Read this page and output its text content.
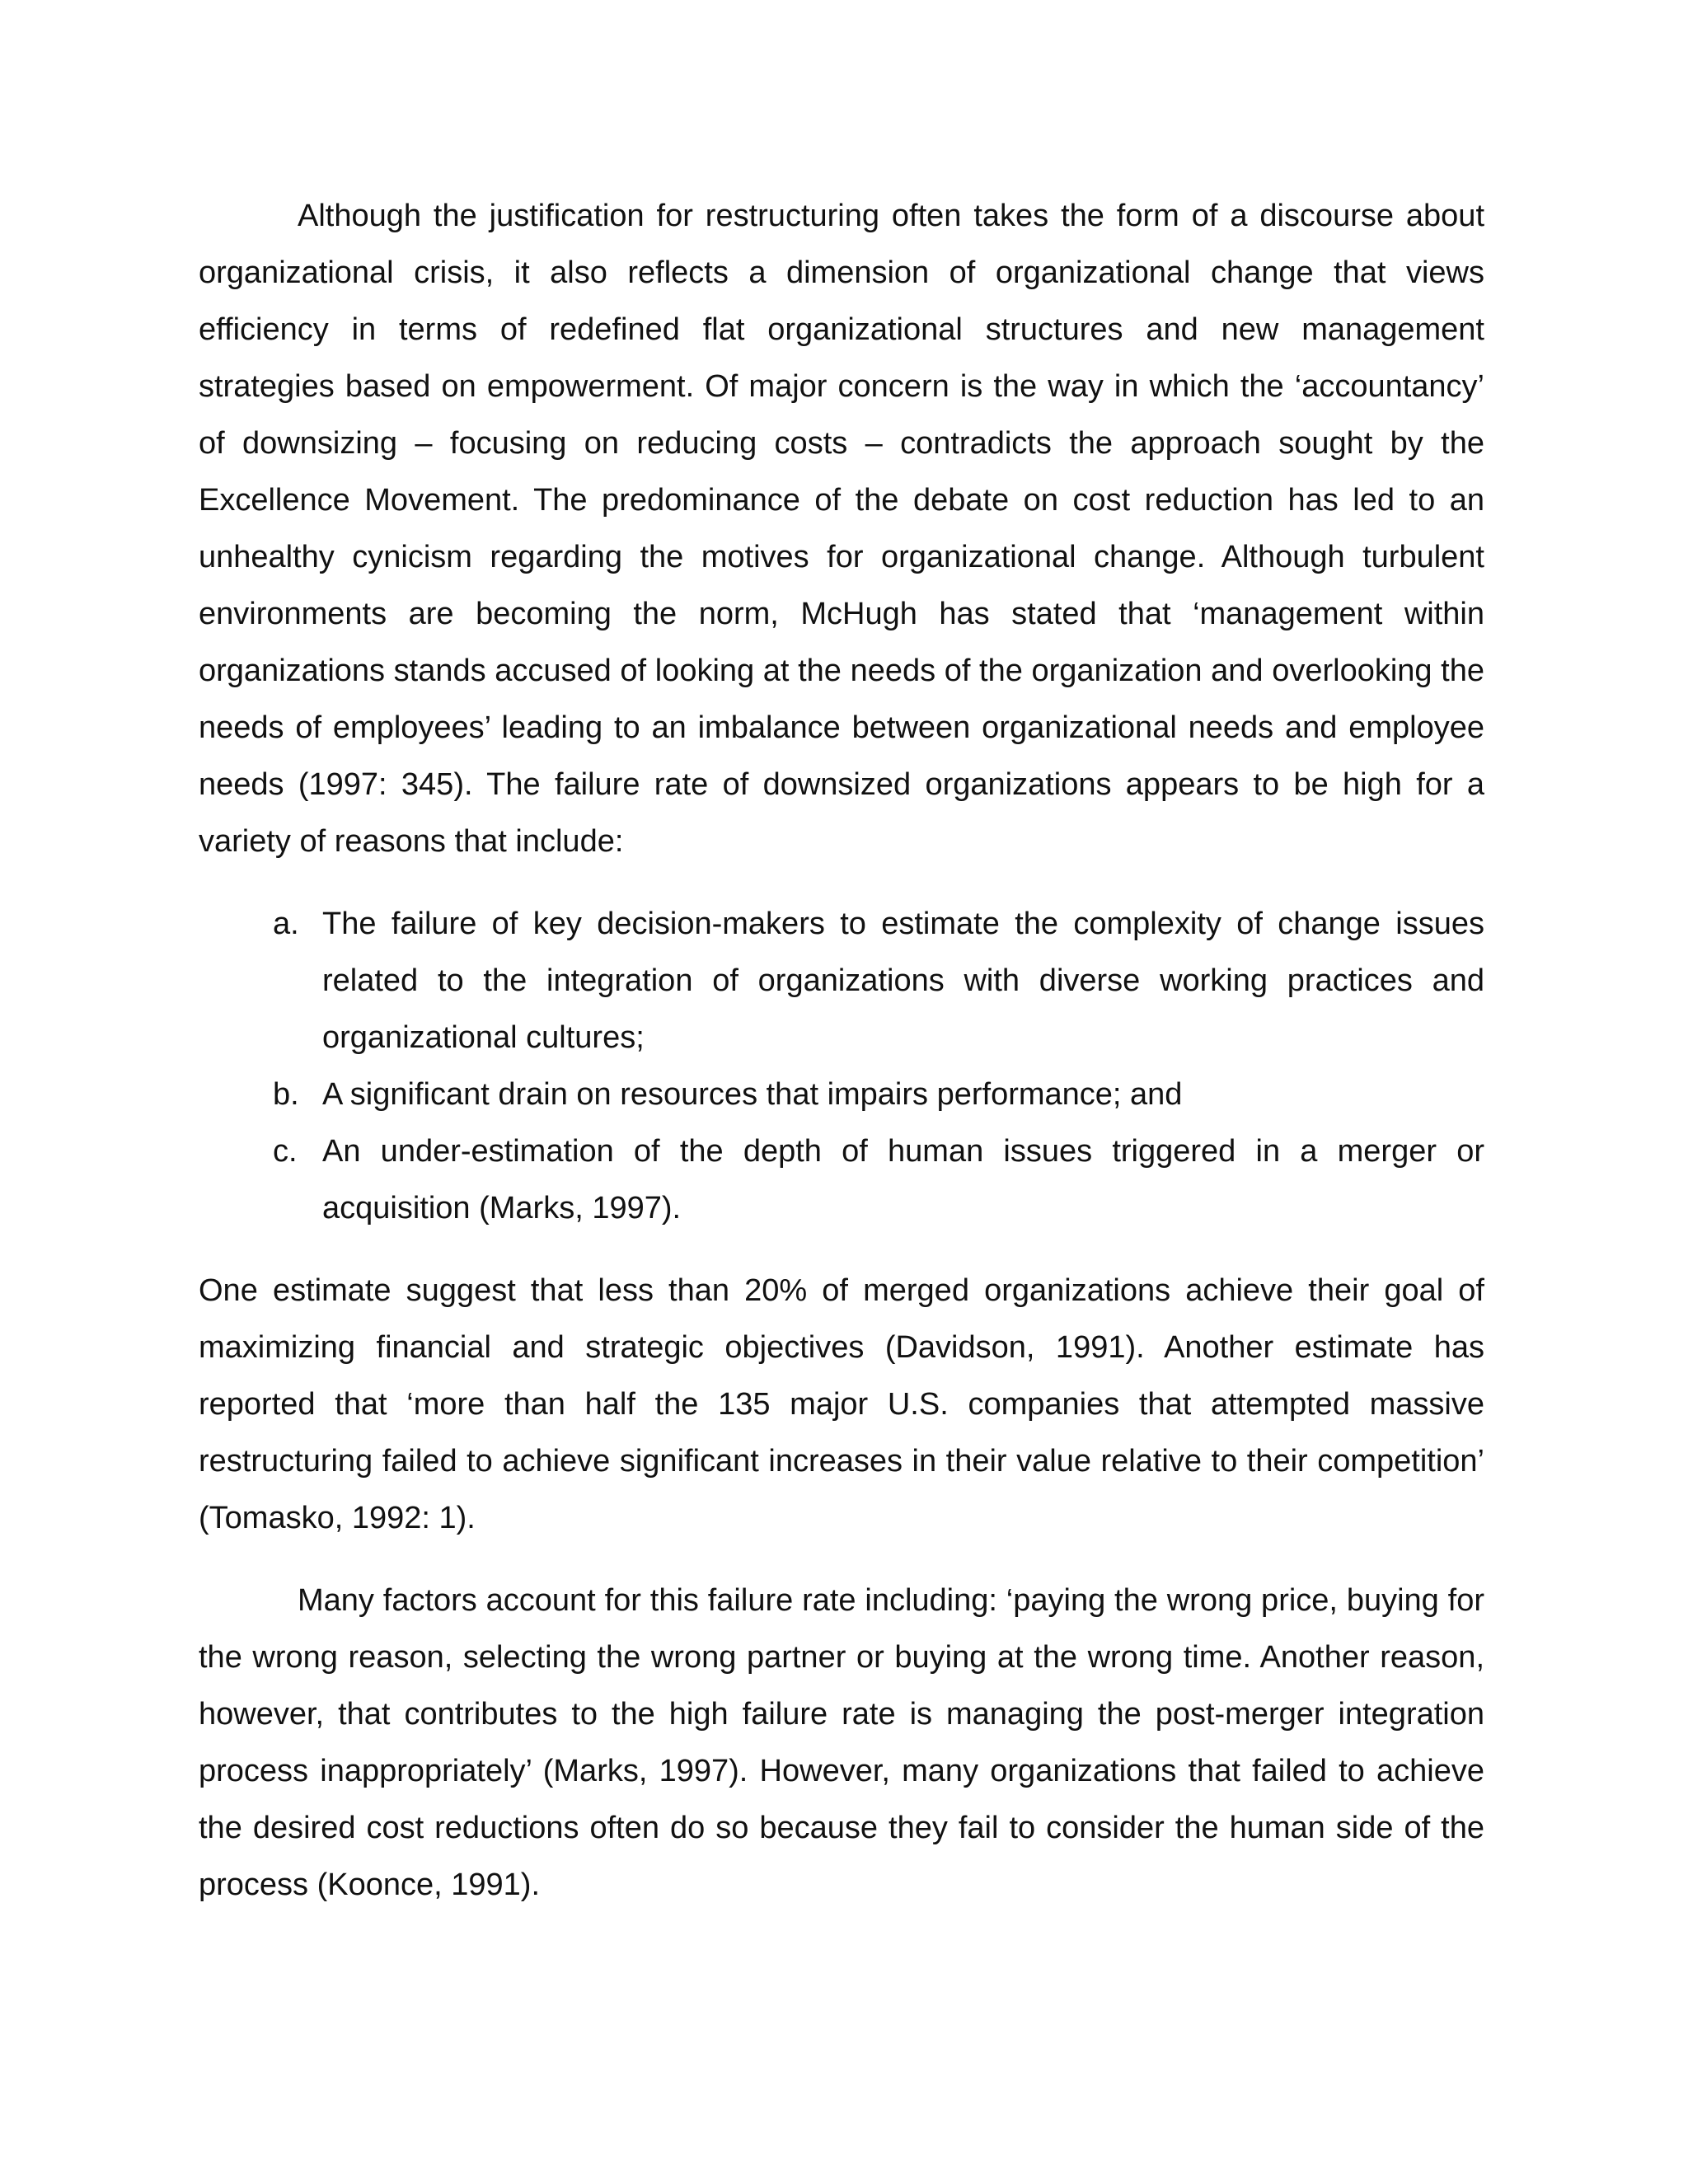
Although the justification for restructuring often takes the form of a discourse about organizational crisis, it also reflects a dimension of organizational change that views efficiency in terms of redefined flat organizational structures and new management strategies based on empowerment. Of major concern is the way in which the ‘accountancy’ of downsizing – focusing on reducing costs – contradicts the approach sought by the Excellence Movement. The predominance of the debate on cost reduction has led to an unhealthy cynicism regarding the motives for organizational change. Although turbulent environments are becoming the norm, McHugh has stated that ‘management within organizations stands accused of looking at the needs of the organization and overlooking the needs of employees’ leading to an imbalance between organizational needs and employee needs (1997: 345). The failure rate of downsized organizations appears to be high for a variety of reasons that include:

a. The failure of key decision-makers to estimate the complexity of change issues related to the integration of organizations with diverse working practices and organizational cultures;
b. A significant drain on resources that impairs performance; and
c. An under-estimation of the depth of human issues triggered in a merger or acquisition (Marks, 1997).

One estimate suggest that less than 20% of merged organizations achieve their goal of maximizing financial and strategic objectives (Davidson, 1991). Another estimate has reported that ‘more than half the 135 major U.S. companies that attempted massive restructuring failed to achieve significant increases in their value relative to their competition’ (Tomasko, 1992: 1).

Many factors account for this failure rate including: ‘paying the wrong price, buying for the wrong reason, selecting the wrong partner or buying at the wrong time. Another reason, however, that contributes to the high failure rate is managing the post-merger integration process inappropriately’ (Marks, 1997). However, many organizations that failed to achieve the desired cost reductions often do so because they fail to consider the human side of the process (Koonce, 1991).
